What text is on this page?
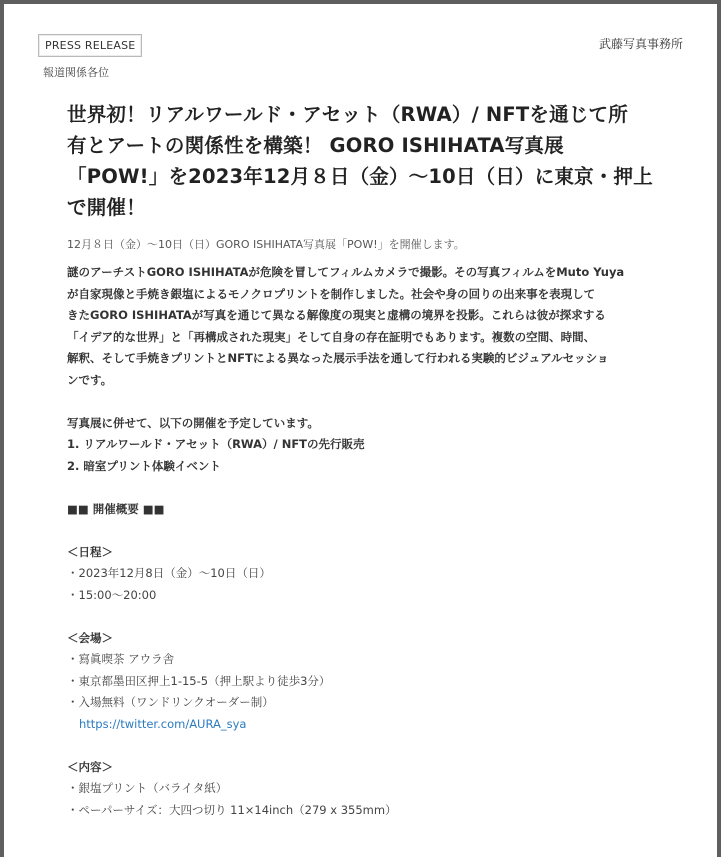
PRESS RELEASE
報道関係各位
武藤写真事務所
世界初！リアルワールド・アセット（RWA）/ NFTを通じて所
有とアートの関係性を構築！ GORO ISHIHATA写真展
「POW!」を2023年12月８日（金）〜10日（日）に東京・押上
で開催！
12月８日（金）〜10日（日）GORO ISHIHATA写真展「POW!」を開催します。
謎のアーチストGORO ISHIHATAが危険を冒してフィルムカメラで撮影。その写真フィルムをMuto Yuya
が自家現像と手焼き銀塩によるモノクロプリントを制作しました。社会や身の回りの出来事を表現して
きたGORO ISHIHATAが写真を通じて異なる解像度の現実と虚構の境界を投影。これらは彼が探求する
「イデア的な世界」と「再構成された現実」そして自身の存在証明でもあります。複数の空間、時間、
解釈、そして手焼きプリントとNFTによる異なった展示手法を通して行われる実験的ビジュアルセッショ
ンです。
写真展に併せて、以下の開催を予定しています。
1. リアルワールド・アセット（RWA）/ NFTの先行販売
2. 暗室プリント体験イベント
■■ 開催概要 ■■
＜日程＞
・2023年12月8日（金）〜10日（日）
・15:00〜20:00
＜会場＞
・寫眞喫茶 アウラ舎
・東京都墨田区押上1-15-5（押上駅より徒歩3分）
・入場無料（ワンドリンクオーダー制）
https://twitter.com/AURA_sya
＜内容＞
・銀塩プリント（バライタ紙）
・ペーパーサイズ：大四つ切り 11×14inch（279 x 355mm）
